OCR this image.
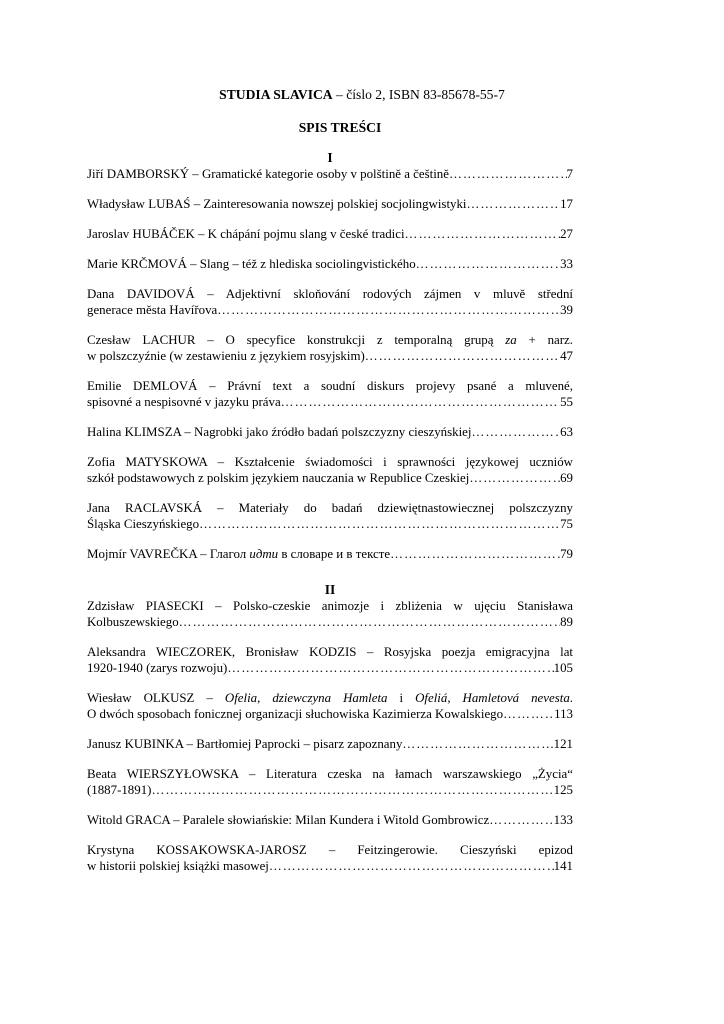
STUDIA SLAVICA – číslo 2, ISBN 83-85678-55-7
SPIS TREŚCI
I
Jiří DAMBORSKÝ – Gramatické kategorie osoby v polštině a češtině ………………………………………………………………………………………………………………………………………………………………………………………………………	7
Władysław LUBAŚ – Zainteresowania nowszej polskiej socjolingwistyki ………………………………………………………………………………………………………………………………………………………………………………………………………	17
Jaroslav HUBÁČEK – K chápání pojmu slang v české tradici ………………………………………………………………………………………………………………………………………………………………………………………………………	27
Marie KRČMOVÁ – Slang – též z hlediska sociolingvistického ………………………………………………………………………………………………………………………………………………………………………………………………………	33
Dana DAVIDOVÁ – Adjektivní skloňování rodových zájmen v mluvě střední
generace města Havířova ………………………………………………………………………………………………………………………………………………………………………………………………………	39
Czesław LACHUR – O specyfice konstrukcji z temporalną grupą za + narz.
w polszczyźnie (w zestawieniu z językiem rosyjskim) ………………………………………………………………………………………………………………………………………………………………………………………………………	47
Emilie DEMLOVÁ – Právní text a soudní diskurs projevy psané a mluvené,
spisovné a nespisovné v jazyku práva ………………………………………………………………………………………………………………………………………………………………………………………………………	55
Halina KLIMSZA – Nagrobki jako źródło badań polszczyzny cieszyńskiej ………………………………………………………………………………………………………………………………………………………………………………………………………	63
Zofia MATYSKOWA – Kształcenie świadomości i sprawności językowej uczniów
szkół podstawowych z polskim językiem nauczania w Republice Czeskiej ………………………………………………………………………………………………………………………………………………………………………………………………………	69
Jana RACLAVSKÁ – Materiały do badań dziewiętnastowiecznej polszczyzny
Śląska Cieszyńskiego ………………………………………………………………………………………………………………………………………………………………………………………………………	75
Mojmír VAVREČKA – Глагол идти в словаре и в тексте ………………………………………………………………………………………………………………………………………………………………………………………………………	79
II
Zdzisław PIASECKI – Polsko-czeskie animozje i zbliżenia w ujęciu Stanisława
Kolbuszewskiego ………………………………………………………………………………………………………………………………………………………………………………………………………	89
Aleksandra WIECZOREK, Bronisław KODZIS – Rosyjska poezja emigracyjna lat
1920-1940 (zarys rozwoju) ………………………………………………………………………………………………………………………………………………………………………………………………………	105
Wiesław OLKUSZ – Ofelia, dziewczyna Hamleta i Ofeliá, Hamletová nevesta.
O dwóch sposobach fonicznej organizacji słuchowiska Kazimierza Kowalskiego ………………………………………………………………………………………………………………………………………………………………………………………………………	113
Janusz KUBINKA – Bartłomiej Paprocki – pisarz zapoznany ………………………………………………………………………………………………………………………………………………………………………………………………………	121
Beata WIERSZYŁOWSKA – Literatura czeska na łamach warszawskiego „Życia“
(1887-1891) ………………………………………………………………………………………………………………………………………………………………………………………………………	125
Witold GRACA – Paralele słowiańskie: Milan Kundera i Witold Gombrowicz ………………………………………………………………………………………………………………………………………………………………………………………………………	133
Krystyna KOSSAKOWSKA-JAROSZ – Feitzingerowie. Cieszyński epizod
w historii polskiej książki masowej ………………………………………………………………………………………………………………………………………………………………………………………………………	141
